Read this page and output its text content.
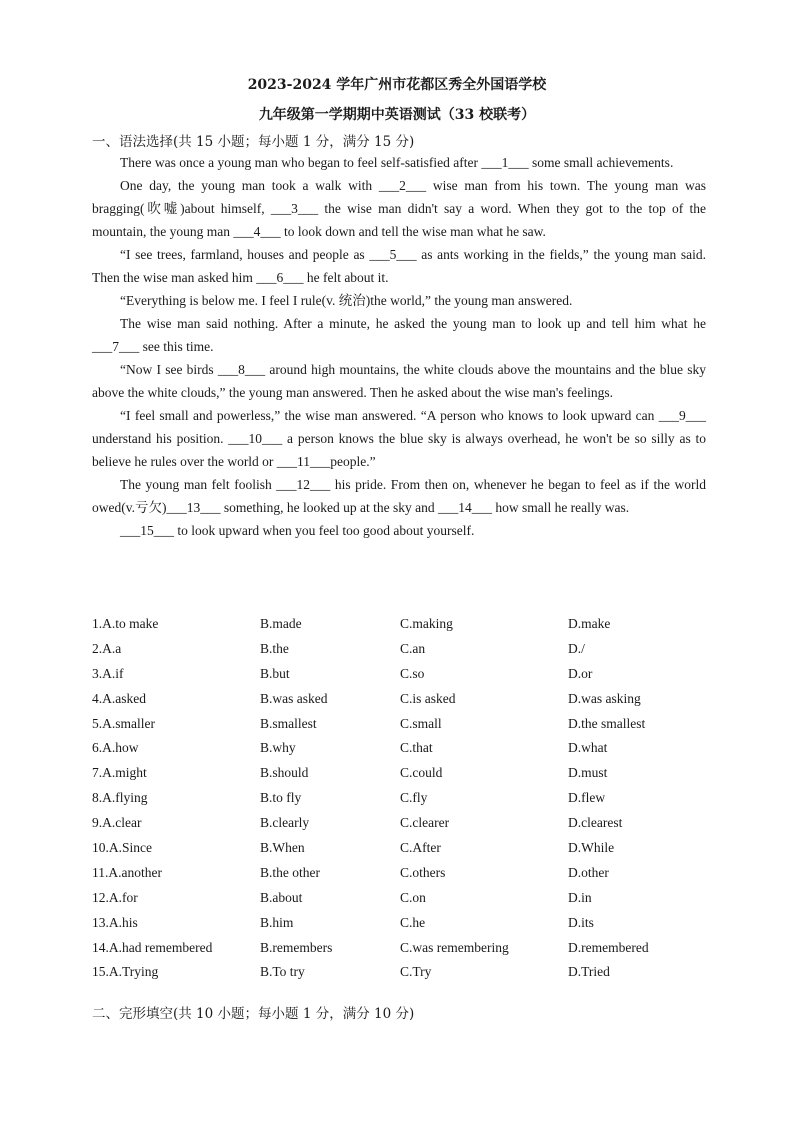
2023-2024 学年广州市花都区秀全外国语学校
九年级第一学期期中英语测试（33 校联考）
一、语法选择(共 15 小题；每小题 1 分，满分 15 分)

There was once a young man who began to feel self-satisfied after ___1___ some small achievements.

One day, the young man took a walk with ___2___ wise man from his town. The young man was bragging(吹嘘)about himself, ___3___ the wise man didn't say a word. When they got to the top of the mountain, the young man ___4___ to look down and tell the wise man what he saw.

“I see trees, farmland, houses and people as ___5___ as ants working in the fields,” the young man said. Then the wise man asked him ___6___ he felt about it.

“Everything is below me. I feel I rule(v. 统治)the world,” the young man answered.

The wise man said nothing. After a minute, he asked the young man to look up and tell him what he ___7___ see this time.

“Now I see birds ___8___ around high mountains, the white clouds above the mountains and the blue sky above the white clouds,” the young man answered. Then he asked about the wise man's feelings.

“I feel small and powerless,” the wise man answered. “A person who knows to look upward can ___9___ understand his position. ___10___ a person knows the blue sky is always overhead, he won't be so silly as to believe he rules over the world or ___11___people.”

The young man felt foolish ___12___ his pride. From then on, whenever he began to feel as if the world owed(v.亏欠)___13___ something, he looked up at the sky and ___14___ how small he really was.

___15___ to look upward when you feel too good about yourself.

1.A.to make	B.made	C.making	D.make
2.A.a	B.the	C.an	D./
3.A.if	B.but	C.so	D.or
4.A.asked	B.was asked	C.is asked	D.was asking
5.A.smaller	B.smallest	C.small	D.the smallest
6.A.how	B.why	C.that	D.what
7.A.might	B.should	C.could	D.must
8.A.flying	B.to fly	C.fly	D.flew
9.A.clear	B.clearly	C.clearer	D.clearest
10.A.Since	B.When	C.After	D.While
11.A.another	B.the other	C.others	D.other
12.A.for	B.about	C.on	D.in
13.A.his	B.him	C.he	D.its
14.A.had remembered	B.remembers	C.was remembering	D.remembered
15.A.Trying	B.To try	C.Try	D.Tried
二、完形填空(共 10 小题；每小题 1 分，满分 10 分)
